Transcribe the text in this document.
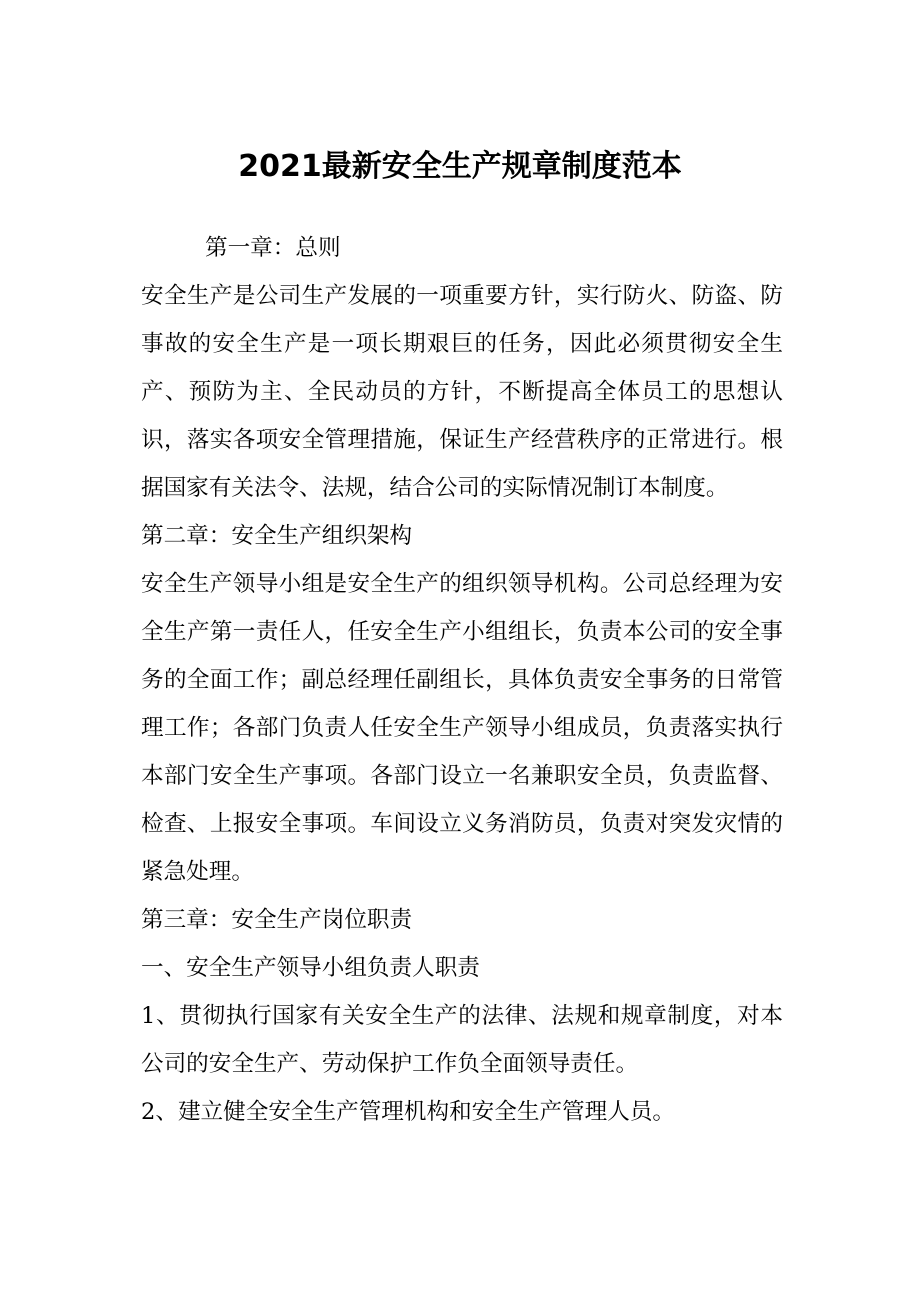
2021最新安全生产规章制度范本

第一章：总则

安全生产是公司生产发展的一项重要方针，实行防火、防盗、防事故的安全生产是一项长期艰巨的任务，因此必须贯彻安全生产、预防为主、全民动员的方针，不断提高全体员工的思想认识，落实各项安全管理措施，保证生产经营秩序的正常进行。根据国家有关法令、法规，结合公司的实际情况制订本制度。

第二章：安全生产组织架构

安全生产领导小组是安全生产的组织领导机构。公司总经理为安全生产第一责任人，任安全生产小组组长，负责本公司的安全事务的全面工作；副总经理任副组长，具体负责安全事务的日常管理工作；各部门负责人任安全生产领导小组成员，负责落实执行本部门安全生产事项。各部门设立一名兼职安全员，负责监督、检查、上报安全事项。车间设立义务消防员，负责对突发灾情的紧急处理。

第三章：安全生产岗位职责

一、安全生产领导小组负责人职责

1、贯彻执行国家有关安全生产的法律、法规和规章制度，对本公司的安全生产、劳动保护工作负全面领导责任。

2、建立健全安全生产管理机构和安全生产管理人员。
